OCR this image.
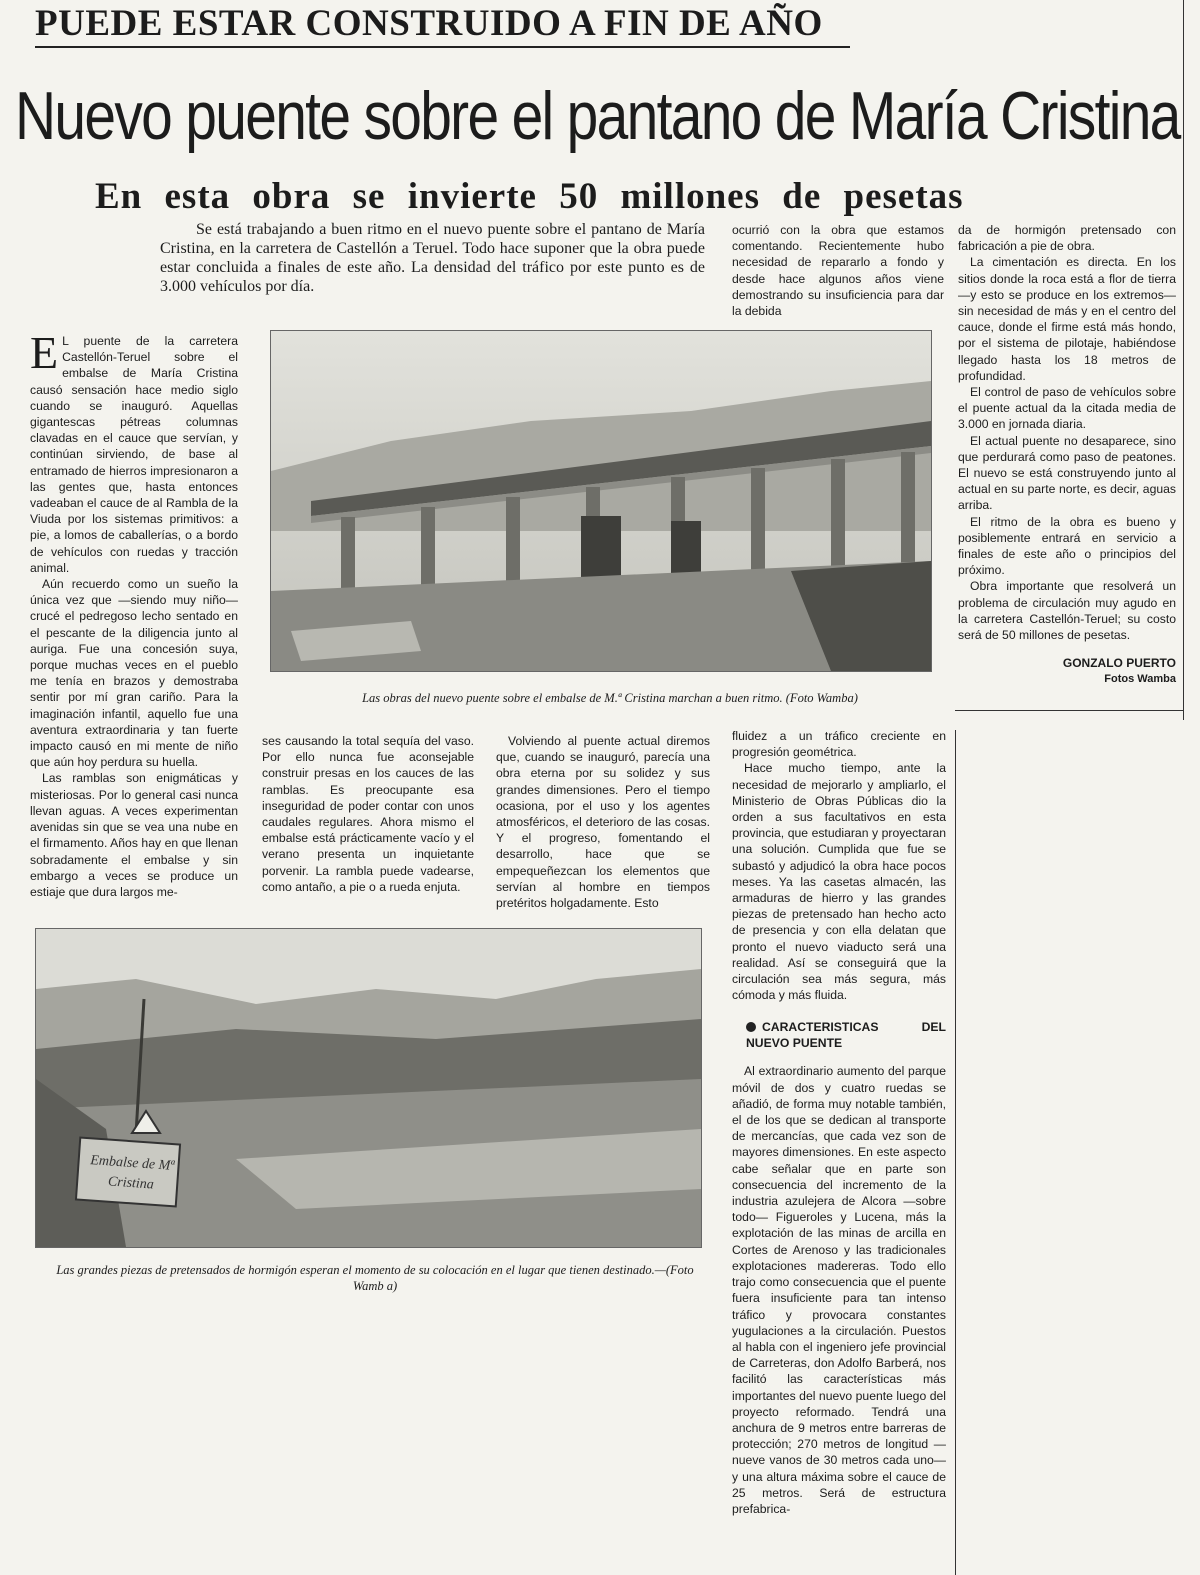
PUEDE ESTAR CONSTRUIDO A FIN DE AÑO
Nuevo puente sobre el pantano de María Cristina
En esta obra se invierte 50 millones de pesetas

Se está trabajando a buen ritmo en el nuevo puente sobre el pantano de María Cristina, en la carretera de Castellón a Teruel. Todo hace suponer que la obra puede estar concluida a finales de este año. La densidad del tráfico por este punto es de 3.000 vehículos por día.

ocurrió con la obra que estamos comentando. Recientemente hubo necesidad de repararlo a fondo y desde hace algunos años viene demostrando su insuficiencia para dar la debida

da de hormigón pretensado con fabricación a pie de obra.

La cimentación es directa. En los sitios donde la roca está a flor de tierra —y esto se produce en los extremos— sin necesidad de más y en el centro del cauce, donde el firme está más hondo, por el sistema de pilotaje, habiéndose llegado hasta los 18 metros de profundidad.

El control de paso de vehículos sobre el puente actual da la citada media de 3.000 en jornada diaria.

El actual puente no desaparece, sino que perdurará como paso de peatones. El nuevo se está construyendo junto al actual en su parte norte, es decir, aguas arriba.

El ritmo de la obra es bueno y posiblemente entrará en servicio a finales de este año o principios del próximo.

Obra importante que resolverá un problema de circulación muy agudo en la carretera Castellón-Teruel; su costo será de 50 millones de pesetas.

GONZALO PUERTO
Fotos Wamba

E L puente de la carretera Castellón-Teruel sobre el embalse de María Cristina causó sensación hace medio siglo cuando se inauguró. Aquellas gigantescas pétreas columnas clavadas en el cauce que servían, y continúan sirviendo, de base al entramado de hierros impresionaron a las gentes que, hasta entonces vadeaban el cauce de al Rambla de la Viuda por los sistemas primitivos: a pie, a lomos de caballerías, o a bordo de vehículos con ruedas y tracción animal.

Aún recuerdo como un sueño la única vez que —siendo muy niño— crucé el pedregoso lecho sentado en el pescante de la diligencia junto al auriga. Fue una concesión suya, porque muchas veces en el pueblo me tenía en brazos y demostraba sentir por mí gran cariño. Para la imaginación infantil, aquello fue una aventura extraordinaria y tan fuerte impacto causó en mi mente de niño que aún hoy perdura su huella.

Las ramblas son enigmáticas y misteriosas. Por lo general casi nunca llevan aguas. A veces experimentan avenidas sin que se vea una nube en el firmamento. Años hay en que llenan sobradamente el embalse y sin embargo a veces se produce un estiaje que dura largos me-

Las obras del nuevo puente sobre el embalse de M.ª Cristina marchan a buen ritmo. (Foto Wamba)

ses causando la total sequía del vaso. Por ello nunca fue aconsejable construir presas en los cauces de las ramblas. Es preocupante esa inseguridad de poder contar con unos caudales regulares. Ahora mismo el embalse está prácticamente vacío y el verano presenta un inquietante porvenir. La rambla puede vadearse, como antaño, a pie o a rueda enjuta.

Volviendo al puente actual diremos que, cuando se inauguró, parecía una obra eterna por su solidez y sus grandes dimensiones. Pero el tiempo ocasiona, por el uso y los agentes atmosféricos, el deterioro de las cosas. Y el progreso, fomentando el desarrollo, hace que se empequeñezcan los elementos que servían al hombre en tiempos pretéritos holgadamente. Esto

fluidez a un tráfico creciente en progresión geométrica.

Hace mucho tiempo, ante la necesidad de mejorarlo y ampliarlo, el Ministerio de Obras Públicas dio la orden a sus facultativos en esta provincia, que estudiaran y proyectaran una solución. Cumplida que fue se subastó y adjudicó la obra hace pocos meses. Ya las casetas almacén, las armaduras de hierro y las grandes piezas de pretensado han hecho acto de presencia y con ella delatan que pronto el nuevo viaducto será una realidad. Así se conseguirá que la circulación sea más segura, más cómoda y más fluida.

CARACTERISTICAS DEL NUEVO PUENTE

Al extraordinario aumento del parque móvil de dos y cuatro ruedas se añadió, de forma muy notable también, el de los que se dedican al transporte de mercancías, que cada vez son de mayores dimensiones. En este aspecto cabe señalar que en parte son consecuencia del incremento de la industria azulejera de Alcora —sobre todo— Figueroles y Lucena, más la explotación de las minas de arcilla en Cortes de Arenoso y las tradicionales explotaciones madereras. Todo ello trajo como consecuencia que el puente fuera insuficiente para tan intenso tráfico y provocara constantes yugulaciones a la circulación. Puestos al habla con el ingeniero jefe provincial de Carreteras, don Adolfo Barberá, nos facilitó las características más importantes del nuevo puente luego del proyecto reformado. Tendrá una anchura de 9 metros entre barreras de protección; 270 metros de longitud —nueve vanos de 30 metros cada uno— y una altura máxima sobre el cauce de 25 metros. Será de estructura prefabrica-

Embalse de Mª Cristina

Las grandes piezas de pretensados de hormigón esperan el momento de su colocación en el lugar que tienen destinado.—(Foto Wamb a)
